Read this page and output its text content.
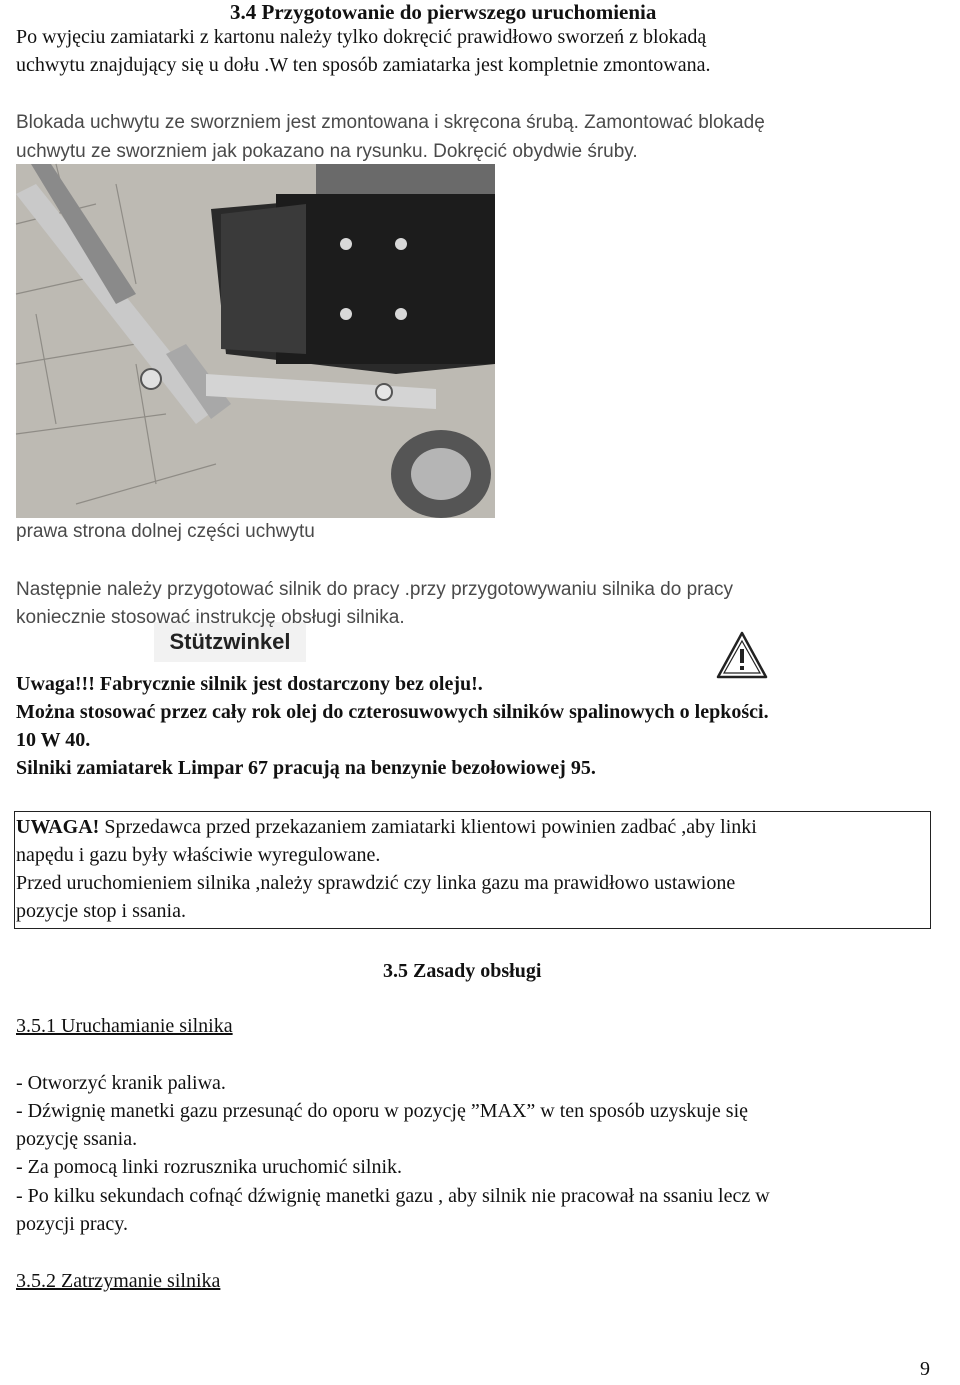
3.4 Przygotowanie do pierwszego uruchomienia

Po wyjęciu zamiatarki z kartonu należy tylko dokręcić prawidłowo sworzeń z blokadą

uchwytu znajdujący się u dołu .W ten sposób zamiatarka jest kompletnie zmontowana.

Blokada uchwytu ze sworzniem jest zmontowana i skręcona śrubą. Zamontować blokadę

uchwytu ze sworzniem jak pokazano na rysunku. Dokręcić obydwie śruby.

Stützwinkel

prawa strona dolnej części uchwytu

Następnie należy przygotować silnik do pracy .przy przygotowywaniu silnika do pracy

koniecznie stosować instrukcję obsługi silnika.

Uwaga!!! Fabrycznie silnik jest dostarczony bez oleju!.

Można stosować przez cały rok olej do czterosuwowych silników spalinowych o lepkości.

10 W 40.

Silniki zamiatarek Limpar 67 pracują na benzynie bezołowiowej 95.

UWAGA! Sprzedawca przed przekazaniem zamiatarki klientowi powinien zadbać ,aby linki

napędu i gazu były właściwie wyregulowane.

Przed uruchomieniem silnika ,należy sprawdzić czy linka gazu ma prawidłowo ustawione

pozycje stop i ssania.

3.5 Zasady obsługi

3.5.1 Uruchamianie silnika

- Otworzyć kranik paliwa.

- Dźwignię manetki gazu przesunąć do oporu w pozycję ”MAX” w ten sposób uzyskuje się

pozycję ssania.

- Za pomocą linki rozrusznika uruchomić silnik.

- Po kilku sekundach cofnąć dźwignię manetki gazu , aby silnik nie pracował na ssaniu lecz w

pozycji pracy.

3.5.2 Zatrzymanie silnika

9
